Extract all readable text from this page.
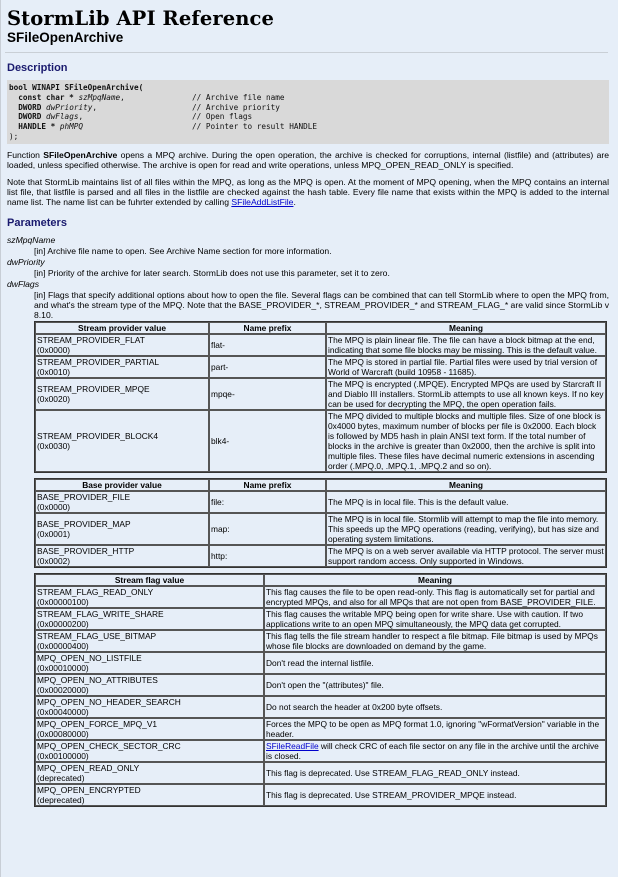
StormLib API Reference
SFileOpenArchive
Description
bool WINAPI SFileOpenArchive(
const char * szMpqName,	// Archive file name
DWORD dwPriority,	// Archive priority
DWORD dwFlags,	// Open flags
HANDLE * phMPQ	// Pointer to result HANDLE
);

Function SFileOpenArchive opens a MPQ archive. During the open operation, the archive is checked for corruptions, internal (listfile) and (attributes) are loaded, unless specified otherwise. The archive is open for read and write operations, unless MPQ_OPEN_READ_ONLY is specified.

Note that StormLib maintains list of all files within the MPQ, as long as the MPQ is open. At the moment of MPQ opening, when the MPQ contains an internal list file, that listfile is parsed and all files in the listfile are checked against the hash table. Every file name that exists within the MPQ is added to the internal name list. The name list can be fuhrter extended by calling SFileAddListFile.

Parameters
szMpqName
[in] Archive file name to open. See Archive Name section for more information.
dwPriority
[in] Priority of the archive for later search. StormLib does not use this parameter, set it to zero.
dwFlags

[in] Flags that specify additional options about how to open the file. Several flags can be combined that can tell StormLib where to open the MPQ from, and what's the stream type of the MPQ. Note that the BASE_PROVIDER_*, STREAM_PROVIDER_* and STREAM_FLAG_* are valid since StormLib v 8.10.

Stream provider value	Name prefix	Meaning

STREAM_PROVIDER_FLAT
(0x0000)	flat-	The MPQ is plain linear file. The file can have a block bitmap at the end, indicating that some file blocks may be missing. This is the default value.

STREAM_PROVIDER_PARTIAL
(0x0010)	part-	The MPQ is stored in partial file. Partial files were used by trial version of World of Warcraft (build 10958 - 11685).

STREAM_PROVIDER_MPQE
(0x0020)	mpqe-	The MPQ is encrypted (.MPQE). Encrypted MPQs are used by Starcraft II and Diablo III installers. StormLib attempts to use all known keys. If no key can be used for decrypting the MPQ, the open operation fails.

STREAM_PROVIDER_BLOCK4
(0x0030)	blk4-	The MPQ divided to multiple blocks and multiple files. Size of one block is 0x4000 bytes, maximum number of blocks per file is 0x2000. Each block is followed by MD5 hash in plain ANSI text form. If the total number of blocks in the archive is greater than 0x2000, then the archive is split into multiple files. These files have decimal numeric extensions in ascending order (.MPQ.0, .MPQ.1, .MPQ.2 and so on).
Base provider value	Name prefix	Meaning

BASE_PROVIDER_FILE
(0x0000)	file:	The MPQ is in local file. This is the default value.

BASE_PROVIDER_MAP
(0x0001)	map:	The MPQ is in local file. Stormlib will attempt to map the file into memory. This speeds up the MPQ operations (reading, verifying), but has size and operating system limitations.

BASE_PROVIDER_HTTP
(0x0002)	http:	The MPQ is on a web server available via HTTP protocol. The server must support random access. Only supported in Windows.
Stream flag value	Meaning

STREAM_FLAG_READ_ONLY
(0x00000100)	This flag causes the file to be open read-only. This flag is automatically set for partial and encrypted MPQs, and also for all MPQs that are not open from BASE_PROVIDER_FILE.

STREAM_FLAG_WRITE_SHARE
(0x00000200)	This flag causes the writable MPQ being open for write share. Use with caution. If two applications write to an open MPQ simultaneously, the MPQ data get corrupted.

STREAM_FLAG_USE_BITMAP
(0x00000400)	This flag tells the file stream handler to respect a file bitmap. File bitmap is used by MPQs whose file blocks are downloaded on demand by the game.

MPQ_OPEN_NO_LISTFILE
(0x00010000)	Don't read the internal listfile.

MPQ_OPEN_NO_ATTRIBUTES
(0x00020000)	Don't open the "(attributes)" file.

MPQ_OPEN_NO_HEADER_SEARCH
(0x00040000)	Do not search the header at 0x200 byte offsets.

MPQ_OPEN_FORCE_MPQ_V1
(0x00080000)	Forces the MPQ to be open as MPQ format 1.0, ignoring "wFormatVersion" variable in the header.

MPQ_OPEN_CHECK_SECTOR_CRC
(0x00100000)	SFileReadFile will check CRC of each file sector on any file in the archive until the archive is closed.

MPQ_OPEN_READ_ONLY
(deprecated)	This flag is deprecated. Use STREAM_FLAG_READ_ONLY instead.

MPQ_OPEN_ENCRYPTED
(deprecated)	This flag is deprecated. Use STREAM_PROVIDER_MPQE instead.
